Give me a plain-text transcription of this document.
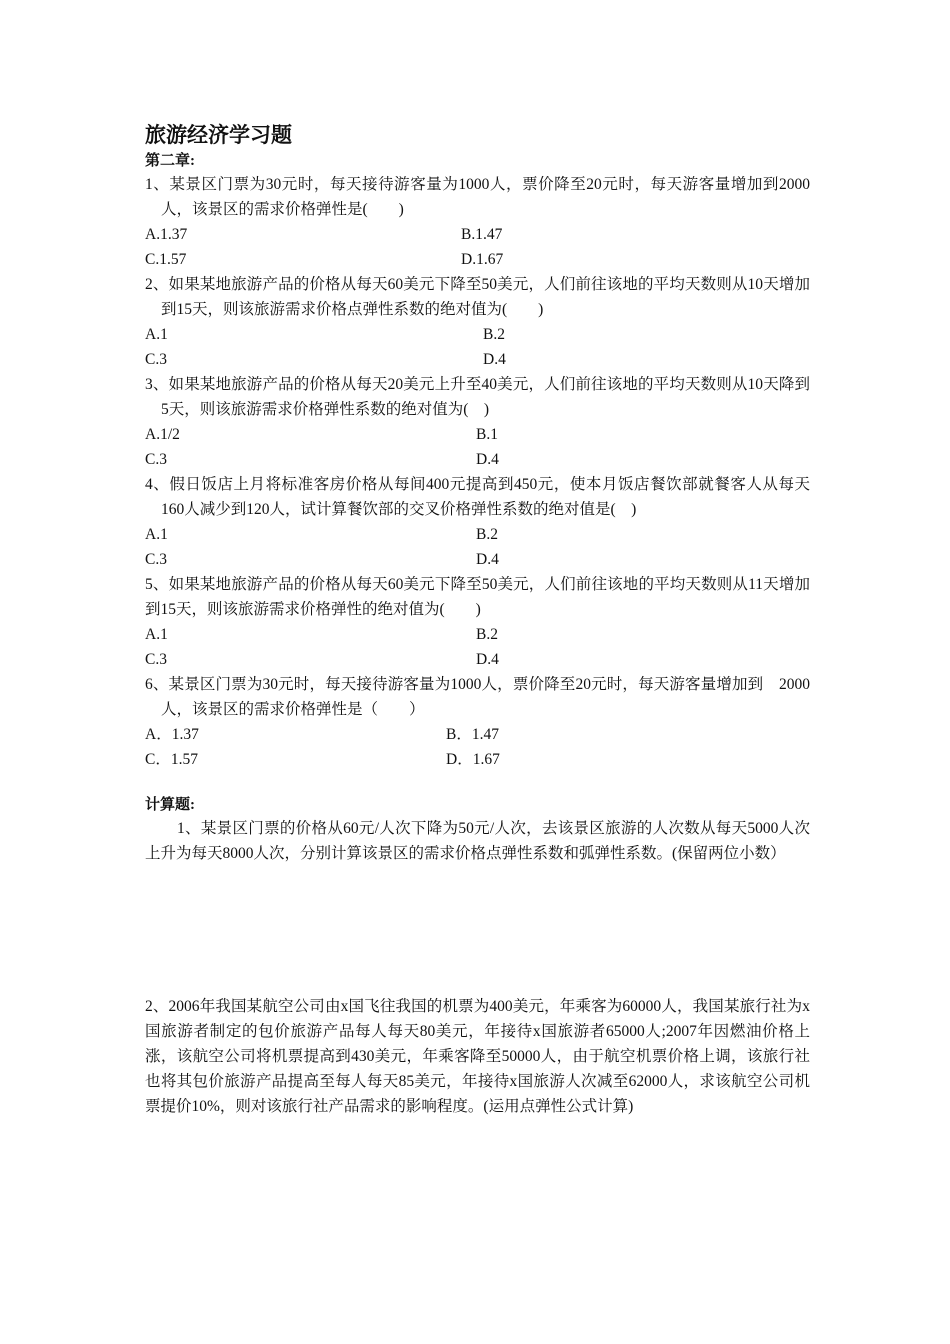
旅游经济学习题
第二章:

1、某景区门票为30元时，每天接待游客量为1000人，票价降至20元时，每天游客量增加到2000人，该景区的需求价格弹性是(　　)

A.1.37	B.1.47
C.1.57	D.1.67

2、如果某地旅游产品的价格从每天60美元下降至50美元，人们前往该地的平均天数则从10天增加到15天，则该旅游需求价格点弹性系数的绝对值为(　　)

A.1	B.2
C.3	D.4

3、如果某地旅游产品的价格从每天20美元上升至40美元，人们前往该地的平均天数则从10天降到5天，则该旅游需求价格弹性系数的绝对值为(　)

A.1/2	B.1
C.3	D.4

4、假日饭店上月将标准客房价格从每间400元提高到450元，使本月饭店餐饮部就餐客人从每天160人减少到120人，试计算餐饮部的交叉价格弹性系数的绝对值是(　)

A.1	B.2
C.3	D.4

5、如果某地旅游产品的价格从每天60美元下降至50美元，人们前往该地的平均天数则从11天增加到15天，则该旅游需求价格弹性的绝对值为(　　)

A.1	B.2
C.3	D.4

6、某景区门票为30元时，每天接待游客量为1000人，票价降至20元时，每天游客量增加到　2000人，该景区的需求价格弹性是（　　）

A．1.37	B．1.47
C．1.57	D．1.67
计算题:

1、某景区门票的价格从60元/人次下降为50元/人次，去该景区旅游的人次数从每天5000人次上升为每天8000人次，分别计算该景区的需求价格点弹性系数和弧弹性系数。(保留两位小数）

2、2006年我国某航空公司由x国飞往我国的机票为400美元，年乘客为60000人，我国某旅行社为x国旅游者制定的包价旅游产品每人每天80美元，年接待x国旅游者65000人;2007年因燃油价格上涨，该航空公司将机票提高到430美元，年乘客降至50000人，由于航空机票价格上调，该旅行社也将其包价旅游产品提高至每人每天85美元，年接待x国旅游人次减至62000人，求该航空公司机票提价10%，则对该旅行社产品需求的影响程度。(运用点弹性公式计算)
